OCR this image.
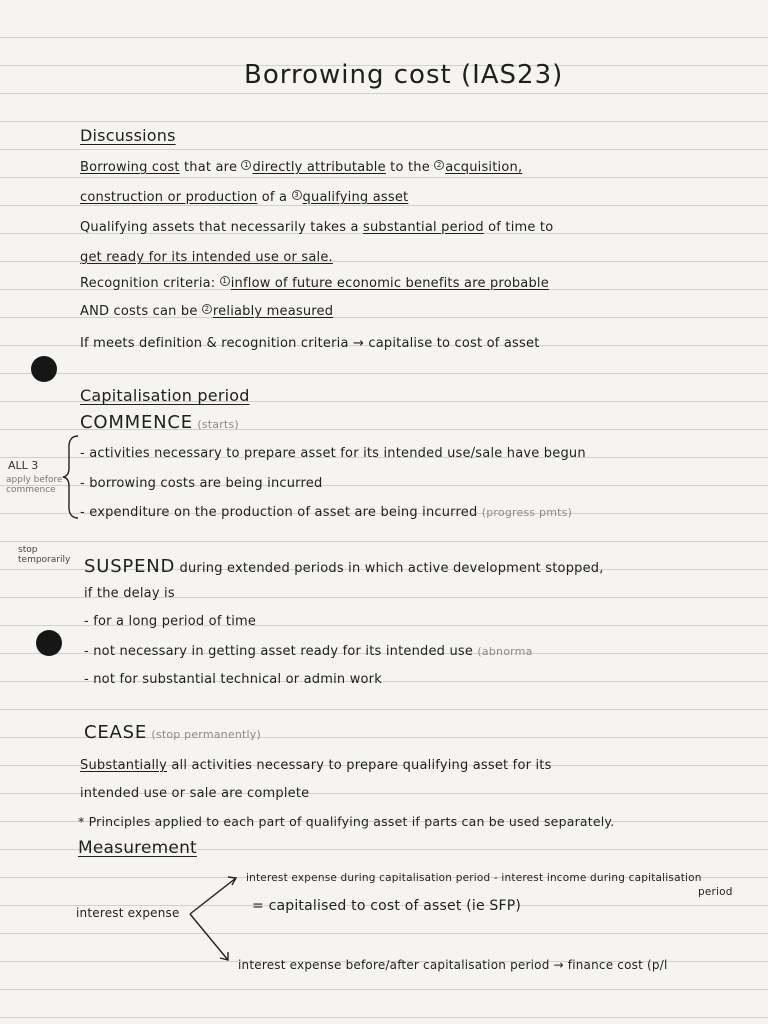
Borrowing cost (IAS23)
Discussions
Borrowing cost that are 1 directly attributable to the 2 acquisition,
construction or production of a 3 qualifying asset
Qualifying assets that necessarily takes a substantial period of time to
get ready for its intended use or sale.
Recognition criteria: 1 inflow of future economic benefits are probable
AND costs can be 2 reliably measured
If meets definition & recognition criteria → capitalise to cost of asset
Capitalisation period
COMMENCE (starts)
ALL 3
apply before commence
- activities necessary to prepare asset for its intended use/sale have begun
- borrowing costs are being incurred
- expenditure on the production of asset are being incurred (progress pmts)
stop temporarily SUSPEND during extended periods in which active development stopped,
if the delay is
- for a long period of time
- not necessary in getting asset ready for its intended use (abnorma
- not for substantial technical or admin work
CEASE (stop permanently)
Substantially all activities necessary to prepare qualifying asset for its
intended use or sale are complete
* Principles applied to each part of qualifying asset if parts can be used separately.
Measurement
interest expense
interest expense during capitalisation period - interest income during capitalisation
period
= capitalised to cost of asset (ie SFP)
interest expense before/after capitalisation period → finance cost (p/l
